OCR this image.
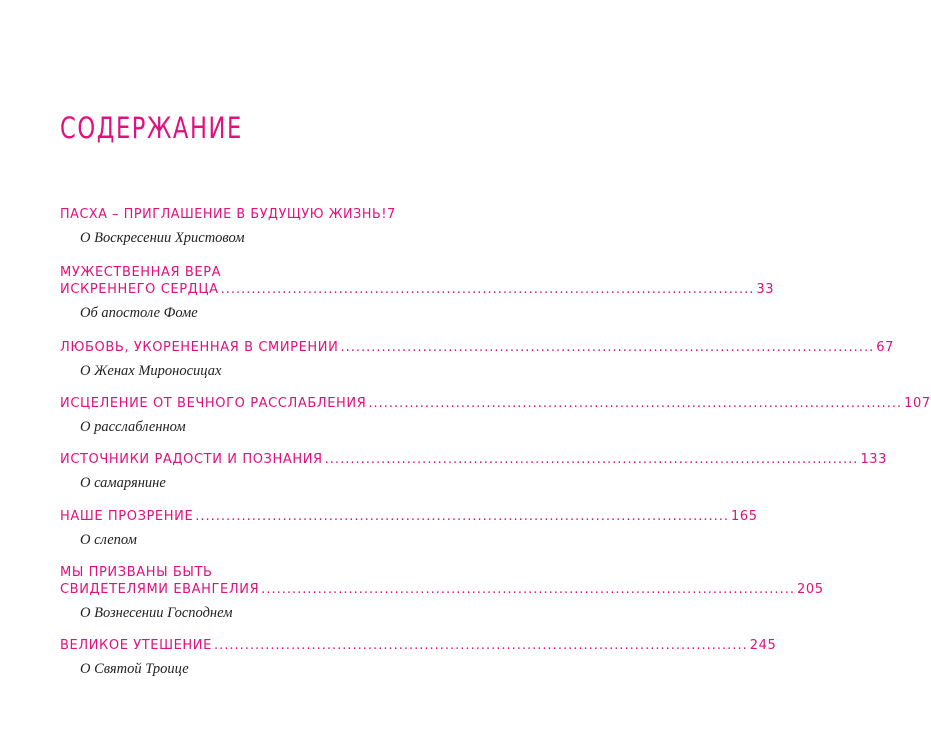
СОДЕРЖАНИЕ
ПАСХА – ПРИГЛАШЕНИЕ В БУДУЩУЮ ЖИЗНЬ! 7
О Воскресении Христовом
МУЖЕСТВЕННАЯ ВЕРА
ИСКРЕННЕГО СЕРДЦА ........................................................................................................ 33
Об апостоле Фоме
ЛЮБОВЬ, УКОРЕНЕННАЯ В СМИРЕНИИ ........................................................................................................ 67
О Женах Мироносицах
ИСЦЕЛЕНИЕ ОТ ВЕЧНОГО РАССЛАБЛЕНИЯ ........................................................................................................ 107
О расслабленном
ИСТОЧНИКИ РАДОСТИ И ПОЗНАНИЯ ........................................................................................................ 133
О самарянине
НАШЕ ПРОЗРЕНИЕ ........................................................................................................ 165
О слепом
МЫ ПРИЗВАНЫ БЫТЬ
СВИДЕТЕЛЯМИ ЕВАНГЕЛИЯ ........................................................................................................ 205
О Вознесении Господнем
ВЕЛИКОЕ УТЕШЕНИЕ ........................................................................................................ 245
О Святой Троице
